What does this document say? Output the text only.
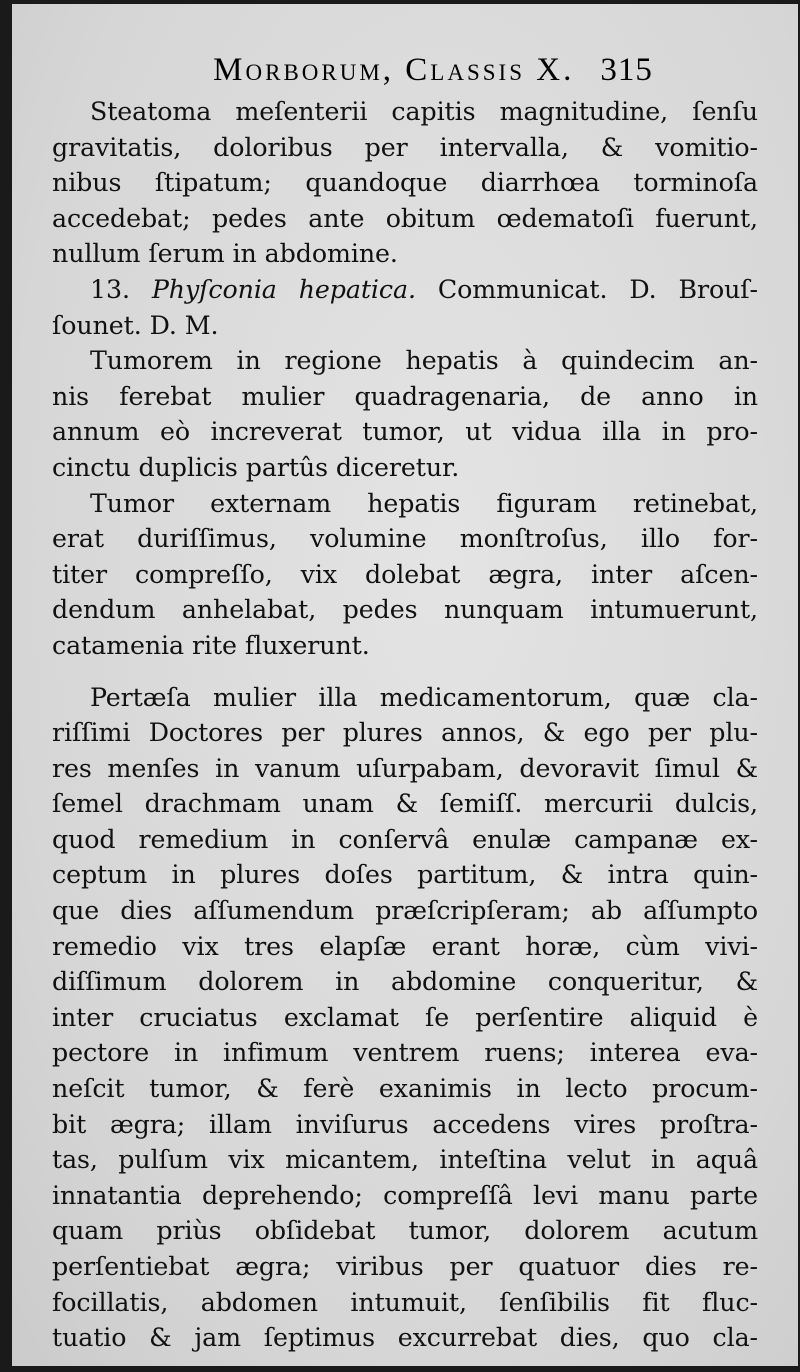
Morborum, Classis X. 315
Steatoma meſenterii capitis magnitudine, ſenſu
gravitatis, doloribus per intervalla, & vomitio-
nibus ſtipatum; quandoque diarrhœa torminoſa
accedebat; pedes ante obitum œdematoſi fuerunt,
nullum ſerum in abdomine.
13. Phyſconia hepatica. Communicat. D. Brouſ-
ſounet. D. M.
Tumorem in regione hepatis à quindecim an-
nis ferebat mulier quadragenaria, de anno in
annum eò increverat tumor, ut vidua illa in pro-
cinctu duplicis partûs diceretur.
Tumor externam hepatis figuram retinebat,
erat duriſſimus, volumine monſtroſus, illo for-
titer compreſſo, vix dolebat ægra, inter aſcen-
dendum anhelabat, pedes nunquam intumuerunt,
catamenia rite fluxerunt.
Pertæſa mulier illa medicamentorum, quæ cla-
riſſimi Doctores per plures annos, & ego per plu-
res menſes in vanum uſurpabam, devoravit ſimul &
ſemel drachmam unam & ſemiſſ. mercurii dulcis,
quod remedium in conſervâ enulæ campanæ ex-
ceptum in plures doſes partitum, & intra quin-
que dies aſſumendum præſcripſeram; ab aſſumpto
remedio vix tres elapſæ erant horæ, cùm vivi-
diſſimum dolorem in abdomine conqueritur, &
inter cruciatus exclamat ſe perſentire aliquid è
pectore in infimum ventrem ruens; interea eva-
neſcit tumor, & ferè exanimis in lecto procum-
bit ægra; illam inviſurus accedens vires proſtra-
tas, pulſum vix micantem, inteſtina velut in aquâ
innatantia deprehendo; compreſſâ levi manu parte
quam priùs obſidebat tumor, dolorem acutum
perſentiebat ægra; viribus per quatuor dies re-
focillatis, abdomen intumuit, ſenſibilis fit fluc-
tuatio & jam ſeptimus excurrebat dies, quo cla-
